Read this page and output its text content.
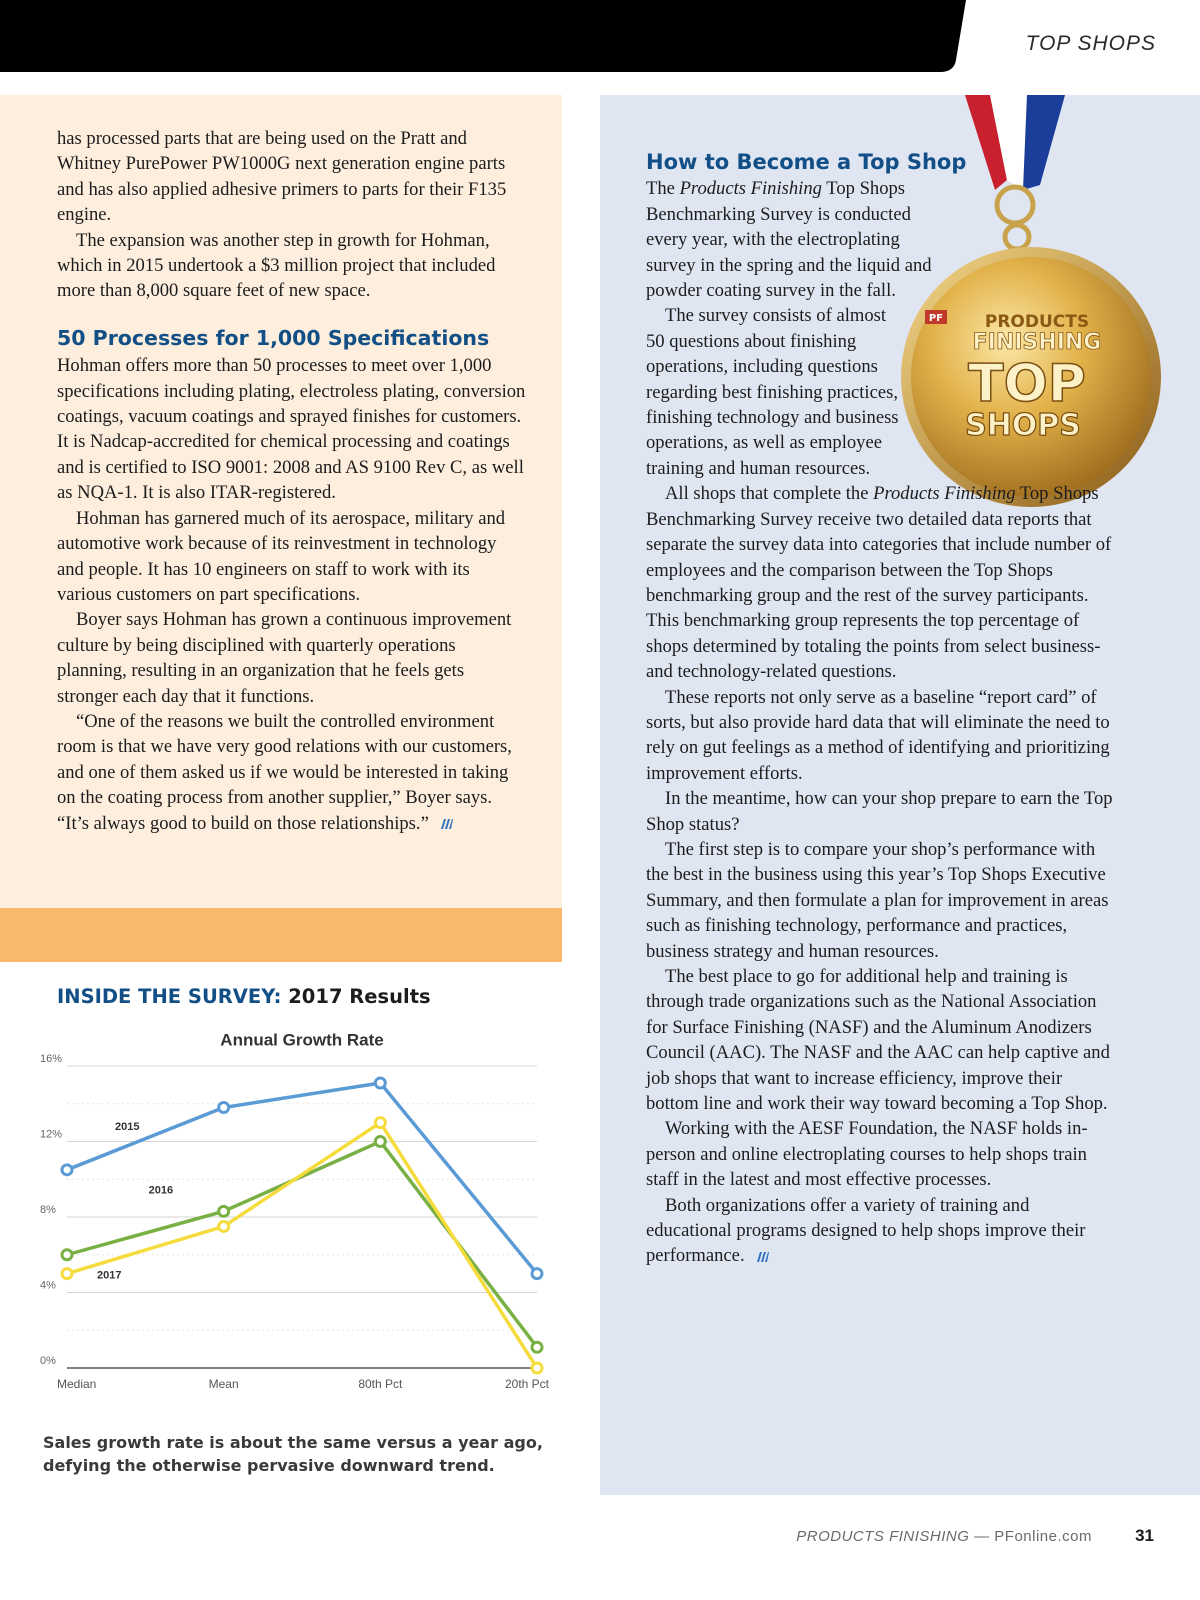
TOP SHOPS

has processed parts that are being used on the Pratt and Whitney PurePower PW1000G next generation engine parts and has also applied adhesive primers to parts for their F135 engine.

The expansion was another step in growth for Hohman, which in 2015 undertook a $3 million project that included more than 8,000 square feet of new space.

50 Processes for 1,000 Specifications

Hohman offers more than 50 processes to meet over 1,000 specifications including plating, electroless plating, conversion coatings, vacuum coatings and sprayed finishes for customers. It is Nadcap-accredited for chemical processing and coatings and is certified to ISO 9001: 2008 and AS 9100 Rev C, as well as NQA-1. It is also ITAR-registered.

Hohman has garnered much of its aerospace, military and automotive work because of its reinvestment in technology and people. It has 10 engineers on staff to work with its various customers on part specifications.

Boyer says Hohman has grown a continuous improvement culture by being disciplined with quarterly operations planning, resulting in an organization that he feels gets stronger each day that it functions.

“One of the reasons we built the controlled environment room is that we have very good relations with our customers, and one of them asked us if we would be interested in taking on the coating process from another supplier,” Boyer says. “It’s always good to build on those relationships.”

INSIDE THE SURVEY: 2017 Results
Annual Growth Rate
0%
4%
8%
12%
16%
Median	Mean	80th Pct	20th Pct
2015
2016
2017
Sales growth rate is about the same versus a year ago, defying the otherwise pervasive downward trend.
PF PRODUCTS
FINISHING
TOP
SHOPS
How to Become a Top Shop

The Products Finishing Top Shops Benchmarking Survey is conducted every year, with the electroplating survey in the spring and the liquid and powder coating survey in the fall.

The survey consists of almost 50 questions about finishing operations, including questions regarding best finishing practices, finishing technology and business operations, as well as employee training and human resources.

All shops that complete the Products Finishing Top Shops Benchmarking Survey receive two detailed data reports that separate the survey data into categories that include number of employees and the comparison between the Top Shops benchmarking group and the rest of the survey participants. This benchmarking group represents the top percentage of shops determined by totaling the points from select business- and technology-related questions.

These reports not only serve as a baseline “report card” of sorts, but also provide hard data that will eliminate the need to rely on gut feelings as a method of identifying and prioritizing improvement efforts.

In the meantime, how can your shop prepare to earn the Top Shop status?

The first step is to compare your shop’s performance with the best in the business using this year’s Top Shops Executive Summary, and then formulate a plan for improvement in areas such as finishing technology, performance and practices, business strategy and human resources.

The best place to go for additional help and training is through trade organizations such as the National Association for Surface Finishing (NASF) and the Aluminum Anodizers Council (AAC). The NASF and the AAC can help captive and job shops that want to increase efficiency, improve their bottom line and work their way toward becoming a Top Shop.

Working with the AESF Foundation, the NASF holds in-person and online electroplating courses to help shops train staff in the latest and most effective processes.

Both organizations offer a variety of training and educational programs designed to help shops improve their performance.

PRODUCTS FINISHING — PFonline.com	31
